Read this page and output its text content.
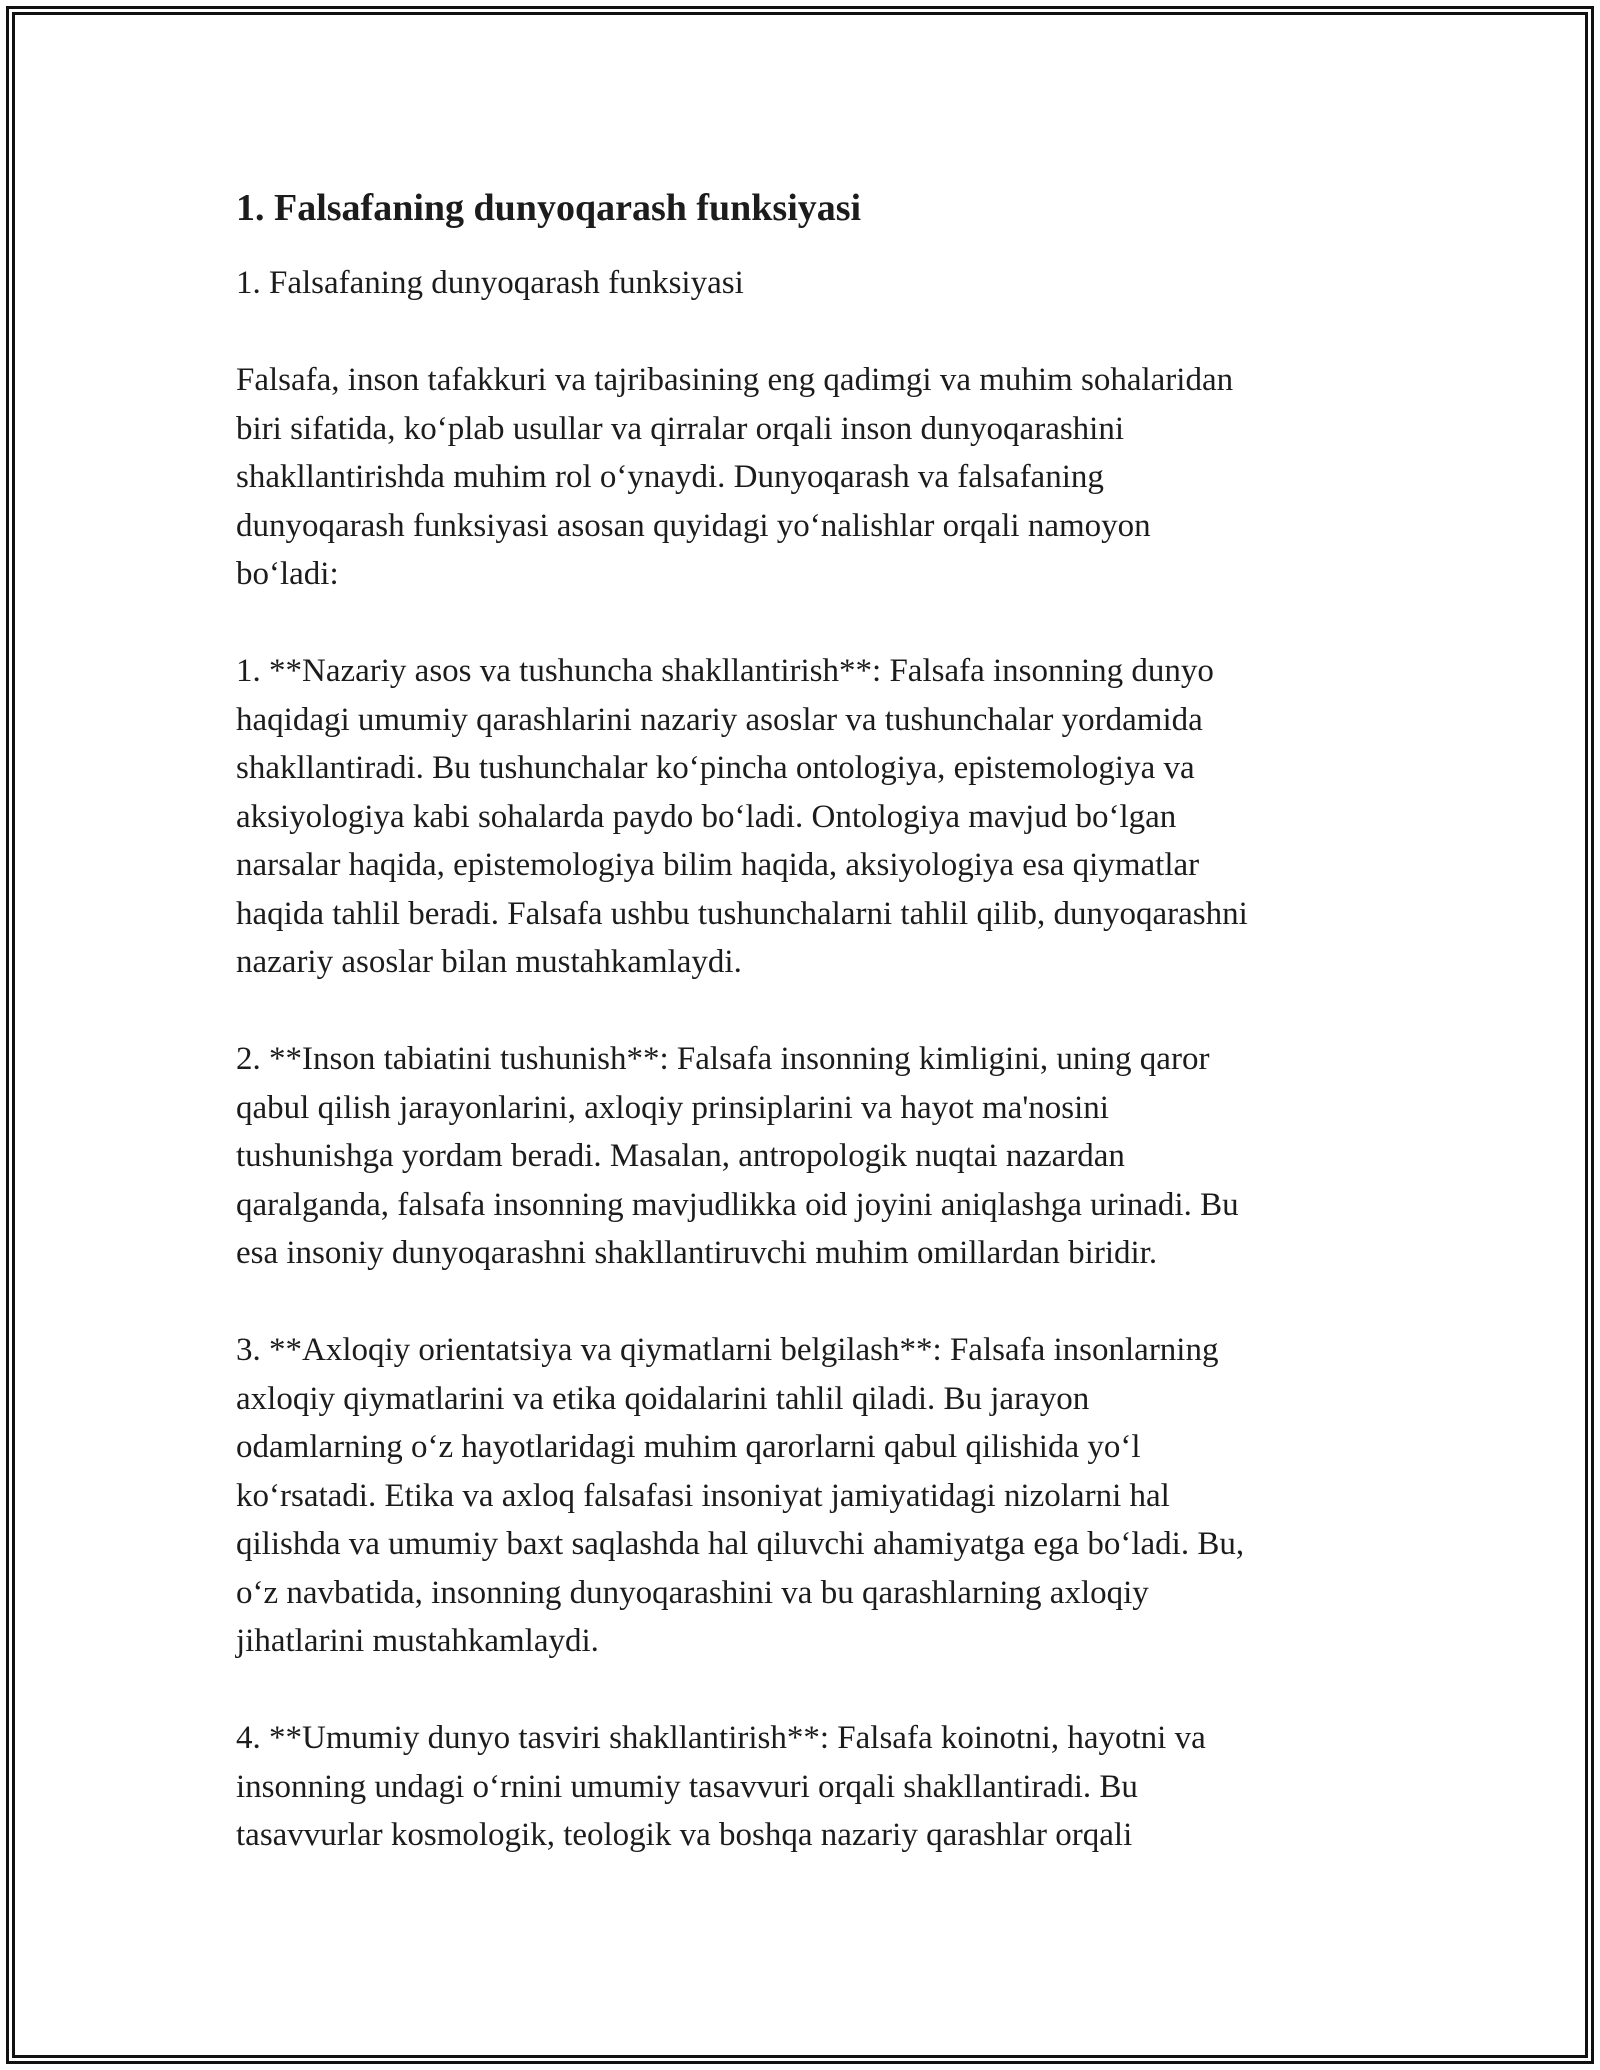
1. Falsafaning dunyoqarash funksiyasi

1. Falsafaning dunyoqarash funksiyasi

Falsafa, inson tafakkuri va tajribasining eng qadimgi va muhim sohalaridan
biri sifatida, ko‘plab usullar va qirralar orqali inson dunyoqarashini
shakllantirishda muhim rol o‘ynaydi. Dunyoqarash va falsafaning
dunyoqarash funksiyasi asosan quyidagi yo‘nalishlar orqali namoyon
bo‘ladi:

1. **Nazariy asos va tushuncha shakllantirish**: Falsafa insonning dunyo
haqidagi umumiy qarashlarini nazariy asoslar va tushunchalar yordamida
shakllantiradi. Bu tushunchalar ko‘pincha ontologiya, epistemologiya va
aksiyologiya kabi sohalarda paydo bo‘ladi. Ontologiya mavjud bo‘lgan
narsalar haqida, epistemologiya bilim haqida, aksiyologiya esa qiymatlar
haqida tahlil beradi. Falsafa ushbu tushunchalarni tahlil qilib, dunyoqarashni
nazariy asoslar bilan mustahkamlaydi.

2. **Inson tabiatini tushunish**: Falsafa insonning kimligini, uning qaror
qabul qilish jarayonlarini, axloqiy prinsiplarini va hayot ma'nosini
tushunishga yordam beradi. Masalan, antropologik nuqtai nazardan
qaralganda, falsafa insonning mavjudlikka oid joyini aniqlashga urinadi. Bu
esa insoniy dunyoqarashni shakllantiruvchi muhim omillardan biridir.

3. **Axloqiy orientatsiya va qiymatlarni belgilash**: Falsafa insonlarning
axloqiy qiymatlarini va etika qoidalarini tahlil qiladi. Bu jarayon
odamlarning o‘z hayotlaridagi muhim qarorlarni qabul qilishida yo‘l
ko‘rsatadi. Etika va axloq falsafasi insoniyat jamiyatidagi nizolarni hal
qilishda va umumiy baxt saqlashda hal qiluvchi ahamiyatga ega bo‘ladi. Bu,
o‘z navbatida, insonning dunyoqarashini va bu qarashlarning axloqiy
jihatlarini mustahkamlaydi.

4. **Umumiy dunyo tasviri shakllantirish**: Falsafa koinotni, hayotni va
insonning undagi o‘rnini umumiy tasavvuri orqali shakllantiradi. Bu
tasavvurlar kosmologik, teologik va boshqa nazariy qarashlar orqali
